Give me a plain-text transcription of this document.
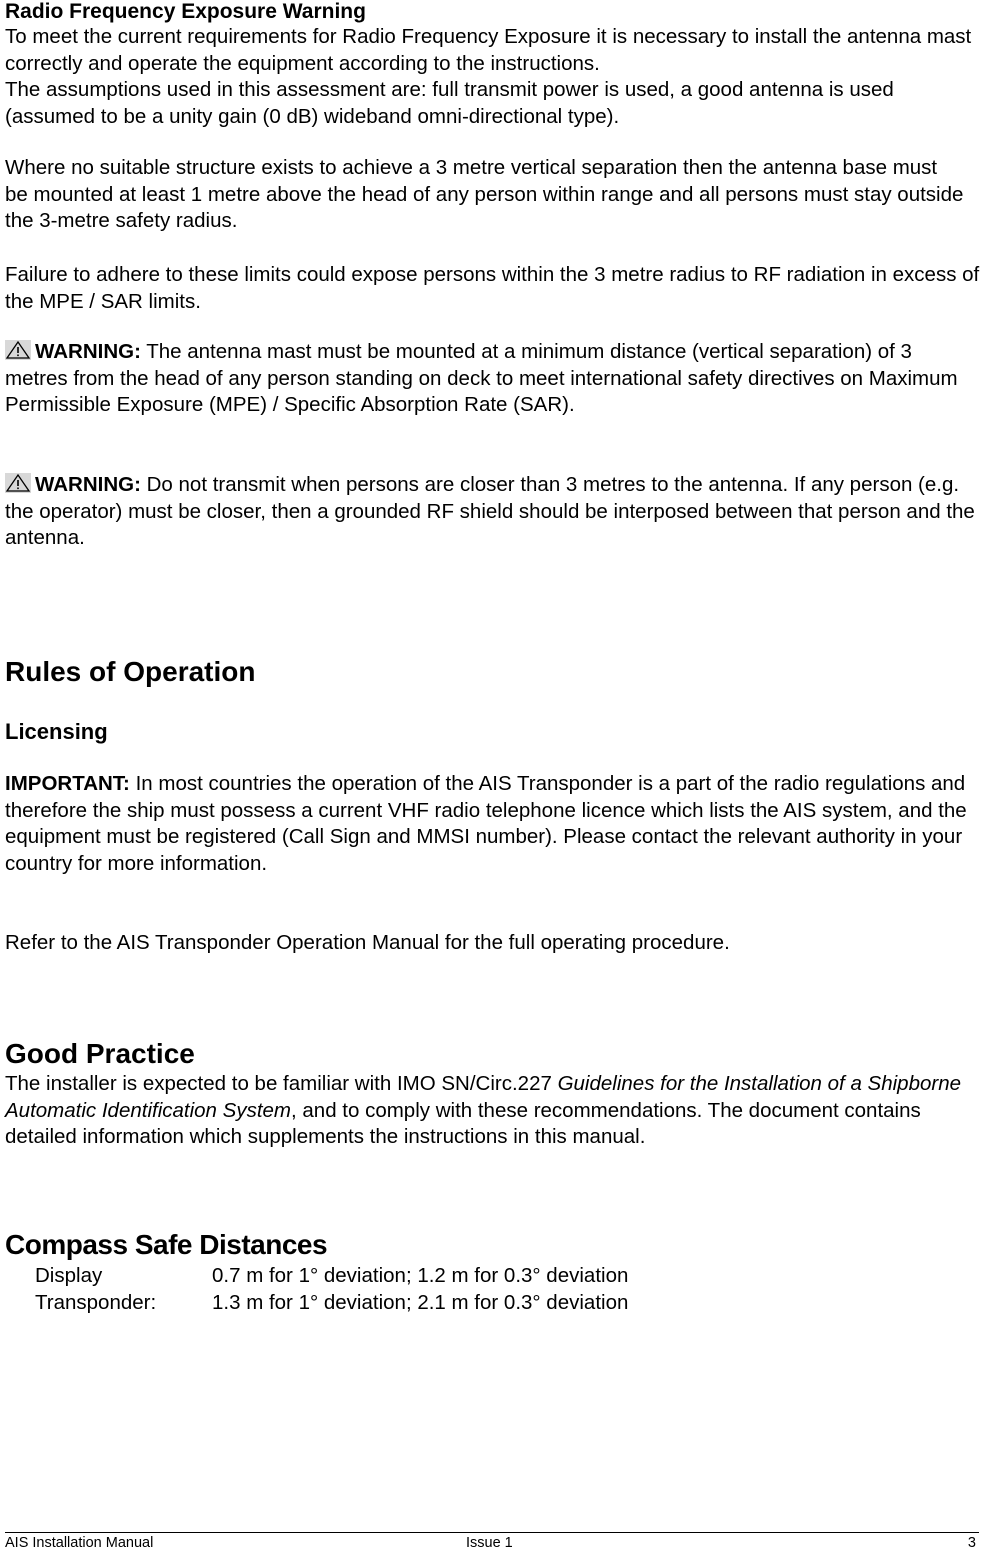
Radio Frequency Exposure Warning

To meet the current requirements for Radio Frequency Exposure it is necessary to install the antenna mast correctly and operate the equipment according to the instructions.

The assumptions used in this assessment are: full transmit power is used, a good antenna is used (assumed to be a unity gain (0 dB) wideband omni-directional type).

Where no suitable structure exists to achieve a 3 metre vertical separation then the antenna base must be mounted at least 1 metre above the head of any person within range and all persons must stay outside the 3-metre safety radius.

Failure to adhere to these limits could expose persons within the 3 metre radius to RF radiation in excess of the MPE / SAR limits.

WARNING: The antenna mast must be mounted at a minimum distance (vertical separation) of 3 metres from the head of any person standing on deck to meet international safety directives on Maximum Permissible Exposure (MPE) / Specific Absorption Rate (SAR).

WARNING: Do not transmit when persons are closer than 3 metres to the antenna. If any person (e.g. the operator) must be closer, then a grounded RF shield should be interposed between that person and the antenna.

Rules of Operation
Licensing

IMPORTANT: In most countries the operation of the AIS Transponder is a part of the radio regulations and therefore the ship must possess a current VHF radio telephone licence which lists the AIS system, and the equipment must be registered (Call Sign and MMSI number). Please contact the relevant authority in your country for more information.

Refer to the AIS Transponder Operation Manual for the full operating procedure.

Good Practice

The installer is expected to be familiar with IMO SN/Circ.227 Guidelines for the Installation of a Shipborne Automatic Identification System, and to comply with these recommendations. The document contains detailed information which supplements the instructions in this manual.

Compass Safe Distances
Display	0.7 m for 1° deviation; 1.2 m for 0.3° deviation
Transponder:	1.3 m for 1° deviation; 2.1 m for 0.3° deviation
AIS Installation Manual	Issue 1	3
